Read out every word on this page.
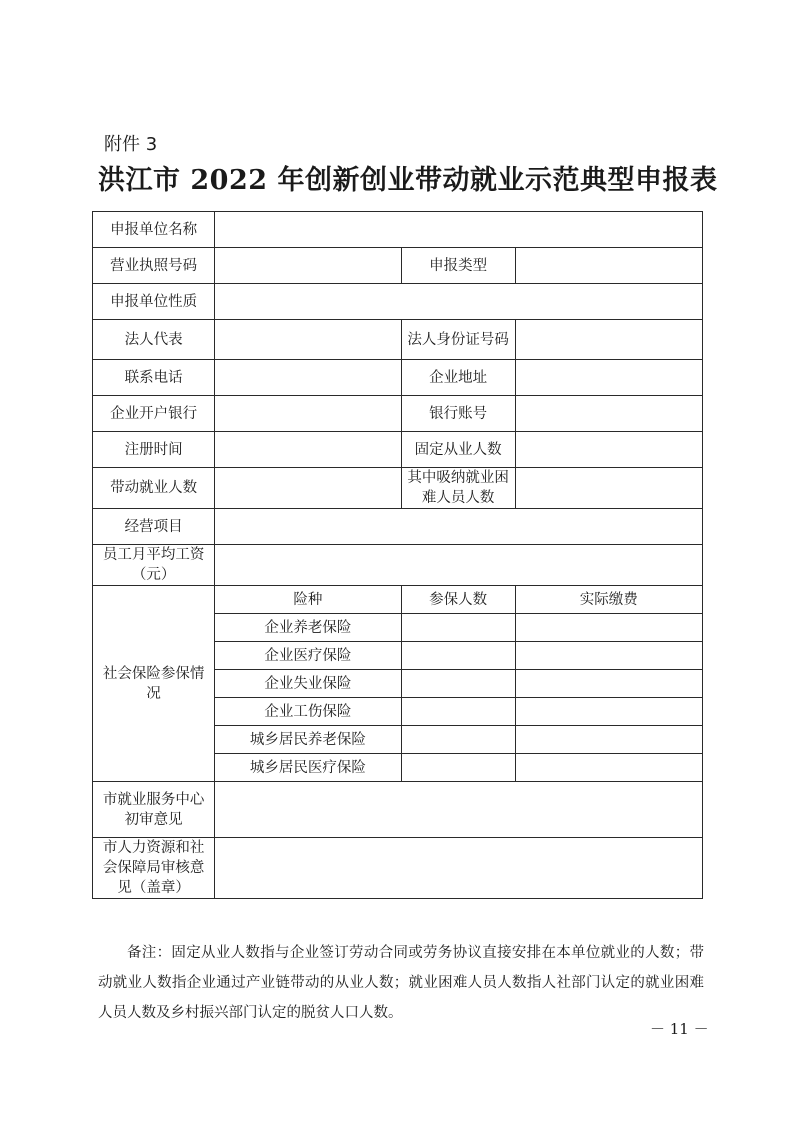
附件 3
洪江市 2022 年创新创业带动就业示范典型申报表
申报单位名称			
营业执照号码		申报类型	
申报单位性质			
法人代表		法人身份证号码	
联系电话		企业地址	
企业开户银行		银行账号	
注册时间		固定从业人数	
带动就业人数		其中吸纳就业困难人员人数	
经营项目			
员工月平均工资（元）			
社会保险参保情况	险种	参保人数	实际缴费
	企业养老保险		
	企业医疗保险		
	企业失业保险		
	企业工伤保险		
	城乡居民养老保险		
	城乡居民医疗保险		
市就业服务中心初审意见			
市人力资源和社会保障局审核意见（盖章）			
备注：固定从业人数指与企业签订劳动合同或劳务协议直接安排在本单位就业的人数；带动就业人数指企业通过产业链带动的从业人数；就业困难人员人数指人社部门认定的就业困难人员人数及乡村振兴部门认定的脱贫人口人数。
－ 11 －
